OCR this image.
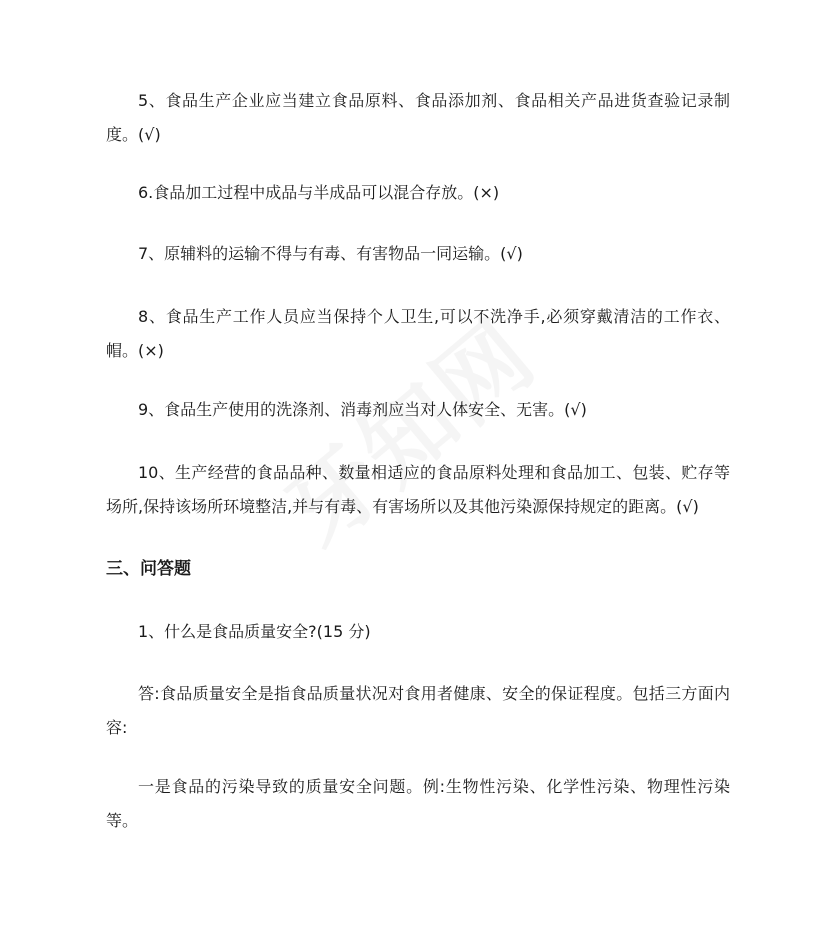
5、食品生产企业应当建立食品原料、食品添加剂、食品相关产品进货查验记录制度。(√)

6.食品加工过程中成品与半成品可以混合存放。(×)

7、原辅料的运输不得与有毒、有害物品一同运输。(√)

8、食品生产工作人员应当保持个人卫生,可以不洗净手,必须穿戴清洁的工作衣、帽。(×)

9、食品生产使用的洗涤剂、消毒剂应当对人体安全、无害。(√)

10、生产经营的食品品种、数量相适应的食品原料处理和食品加工、包装、贮存等场所,保持该场所环境整洁,并与有毒、有害场所以及其他污染源保持规定的距离。(√)

三、问答题

1、什么是食品质量安全?(15 分)

答:食品质量安全是指食品质量状况对食用者健康、安全的保证程度。包括三方面内容:

一是食品的污染导致的质量安全问题。例:生物性污染、化学性污染、物理性污染等。
